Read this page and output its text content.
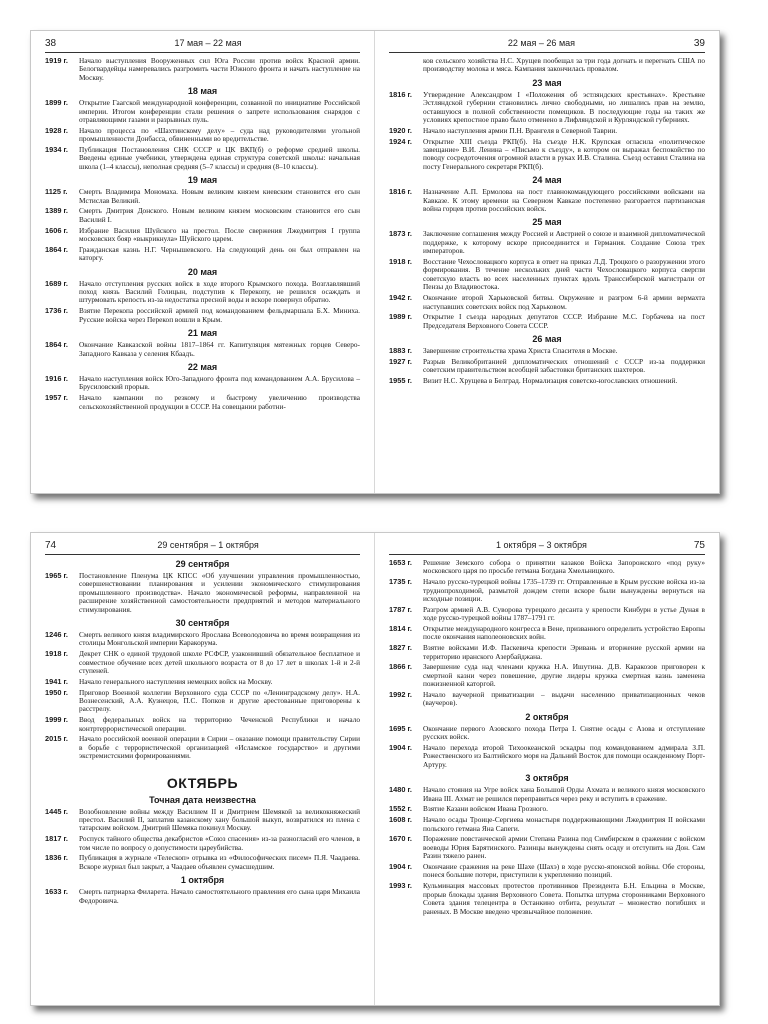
38	17 мая – 22 мая
1919 г.	Начало выступления Вооруженных сил Юга России против войск Красной армии. Белогвардейцы намеревались разгромить части Южного фронта и начать наступление на Москву.
18 мая
1899 г.	Открытие Гаагской международной конференции, созванной по инициативе Российской империи. Итогом конференции стали решения о запрете использования снарядов с отравляющими газами и разрывных пуль.
1928 г.	Начало процесса по «Шахтинскому делу» – суда над руководителями угольной промышленности Донбасса, обвиненными во вредительстве.
1934 г.	Публикация Постановления СНК СССР и ЦК ВКП(б) о реформе средней школы. Введены единые учебники, утверждена единая структура советской школы: начальная школа (1–4 классы), неполная средняя (5–7 классы) и средняя (8–10 классы).
19 мая
1125 г.	Смерть Владимира Мономаха. Новым великим князем киевским становится его сын Мстислав Великий.
1389 г.	Смерть Дмитрия Донского. Новым великим князем московским становится его сын Василий I.
1606 г.	Избрание Василия Шуйского на престол. После свержения Лжедмитрия I группа московских бояр «выкрикнула» Шуйского царем.
1864 г.	Гражданская казнь Н.Г. Чернышевского. На следующий день он был отправлен на каторгу.
20 мая
1689 г.	Начало отступления русских войск в ходе второго Крымского похода. Возглавлявший поход князь Василий Голицын, подступив к Перекопу, не решился осаждать и штурмовать крепость из-за недостатка пресной воды и вскоре повернул обратно.
1736 г.	Взятие Перекопа российской армией под командованием фельдмаршала Б.Х. Миниха. Русские войска через Перекоп вошли в Крым.
21 мая
1864 г.	Окончание Кавказской войны 1817–1864 гг. Капитуляция мятежных горцев Северо-Западного Кавказа у селения Кбаадъ.
22 мая
1916 г.	Начало наступления войск Юго-Западного фронта под командованием А.А. Брусилова – Брусиловский прорыв.
1957 г.	Начало кампании по резкому и быстрому увеличению производства сельскохозяйственной продукции в СССР. На совещании работни-
22 мая – 26 мая	39
ков сельского хозяйства Н.С. Хрущев пообещал за три года догнать и перегнать США по производству молока и мяса. Кампания закончилась провалом.
23 мая
1816 г.	Утверждение Александром I «Положения об эстляндских крестьянах». Крестьяне Эстляндской губернии становились лично свободными, но лишались прав на землю, оставшуюся в полной собственности помещиков. В последующие годы на таких же условиях крепостное право было отменено в Лифляндской и Курляндской губерниях.
1920 г.	Начало наступления армии П.Н. Врангеля в Северной Таврии.
1924 г.	Открытие XIII съезда РКП(б). На съезде Н.К. Крупская огласила «политическое завещание» В.И. Ленина – «Письмо к съезду», в котором он выражал беспокойство по поводу сосредоточения огромной власти в руках И.В. Сталина. Съезд оставил Сталина на посту Генерального секретаря РКП(б).
24 мая
1816 г.	Назначение А.П. Ермолова на пост главнокомандующего российскими войсками на Кавказе. К этому времени на Северном Кавказе постепенно разгорается партизанская война горцев против российских войск.
25 мая
1873 г.	Заключение соглашения между Россией и Австрией о союзе и взаимной дипломатической поддержке, к которому вскоре присоединится и Германия. Создание Союза трех императоров.
1918 г.	Восстание Чехословацкого корпуса в ответ на приказ Л.Д. Троцкого о разоружении этого формирования. В течение нескольких дней части Чехословацкого корпуса свергли советскую власть во всех населенных пунктах вдоль Транссибирской магистрали от Пензы до Владивостока.
1942 г.	Окончание второй Харьковской битвы. Окружение и разгром 6-й армии вермахта наступавших советских войск под Харьковом.
1989 г.	Открытие I съезда народных депутатов СССР. Избрание М.С. Горбачева на пост Председателя Верховного Совета СССР.
26 мая
1883 г.	Завершение строительства храма Христа Спасителя в Москве.
1927 г.	Разрыв Великобританией дипломатических отношений с СССР из-за поддержки советским правительством всеобщей забастовки британских шахтеров.
1955 г.	Визит Н.С. Хрущева в Белград. Нормализация советско-югославских отношений.
74	29 сентября – 1 октября
29 сентября
1965 г.	Постановление Пленума ЦК КПСС «Об улучшении управления промышленностью, совершенствовании планирования и усилении экономического стимулирования промышленного производства». Начало экономической реформы, направленной на расширение хозяйственной самостоятельности предприятий и методов материального стимулирования.
30 сентября
1246 г.	Смерть великого князя владимирского Ярослава Всеволодовича во время возвращения из столицы Монгольской империи Каракорума.
1918 г.	Декрет СНК о единой трудовой школе РСФСР, узаконивший обязательное бесплатное и совместное обучение всех детей школьного возраста от 8 до 17 лет в школах 1-й и 2-й ступеней.
1941 г.	Начало генерального наступления немецких войск на Москву.
1950 г.	Приговор Военной коллегии Верховного суда СССР по «Ленинградскому делу». Н.А. Вознесенский, А.А. Кузнецов, П.С. Попков и другие арестованные приговорены к расстрелу.
1999 г.	Ввод федеральных войск на территорию Чеченской Республики и начало контртеррористической операции.
2015 г.	Начало российской военной операции в Сирии – оказание помощи правительству Сирии в борьбе с террористической организацией «Исламское государство» и другими экстремистскими формированиями.
ОКТЯБРЬ
Точная дата неизвестна
1445 г.	Возобновление войны между Василием II и Дмитрием Шемякой за великокняжеский престол. Василий II, заплатив казанскому хану большой выкуп, возвратился из плена с татарским войском. Дмитрий Шемяка покинул Москву.
1817 г.	Роспуск тайного общества декабристов «Союз спасения» из-за разногласий его членов, в том числе по вопросу о допустимости цареубийства.
1836 г.	Публикация в журнале «Телескоп» отрывка из «Философических писем» П.Я. Чаадаева. Вскоре журнал был закрыт, а Чаадаев объявлен сумасшедшим.
1 октября
1633 г.	Смерть патриарха Филарета. Начало самостоятельного правления его сына царя Михаила Федоровича.
1 октября – 3 октября	75
1653 г.	Решение Земского собора о принятии казаков Войска Запорожского «под руку» московского царя по просьбе гетмана Богдана Хмельницкого.
1735 г.	Начало русско-турецкой войны 1735–1739 гг. Отправленные в Крым русские войска из-за труднопроходимой, размытой дождем степи вскоре были вынуждены вернуться на исходные позиции.
1787 г.	Разгром армией А.В. Суворова турецкого десанта у крепости Кинбурн в устье Дуная в ходе русско-турецкой войны 1787–1791 гг.
1814 г.	Открытие международного конгресса в Вене, призванного определить устройство Европы после окончания наполеоновских войн.
1827 г.	Взятие войсками И.Ф. Паскевича крепости Эривань и вторжение русской армии на территорию иранского Азербайджана.
1866 г.	Завершение суда над членами кружка Н.А. Ишутина. Д.В. Каракозов приговорен к смертной казни через повешение, другие лидеры кружка смертная казнь заменена пожизненной каторгой.
1992 г.	Начало ваучерной приватизации – выдачи населению приватизационных чеков (ваучеров).
2 октября
1695 г.	Окончание первого Азовского похода Петра I. Снятие осады с Азова и отступление русских войск.
1904 г.	Начало перехода второй Тихоокеанской эскадры под командованием адмирала З.П. Рожественского из Балтийского моря на Дальний Восток для помощи осажденному Порт-Артуру.
3 октября
1480 г.	Начало стояния на Угре войск хана Большой Орды Ахмата и великого князя московского Ивана III. Ахмат не решился переправиться через реку и вступить в сражение.
1552 г.	Взятие Казани войском Ивана Грозного.
1608 г.	Начало осады Троице-Сергиева монастыря поддерживающими Лжедмитрия II войсками польского гетмана Яна Сапеги.
1670 г.	Поражение повстанческой армии Степана Разина под Симбирском в сражении с войском воеводы Юрия Барятинского. Разинцы вынуждены снять осаду и отступить на Дон. Сам Разин тяжело ранен.
1904 г.	Окончание сражения на реке Шахе (Шахэ) в ходе русско-японской войны. Обе стороны, понеся большие потери, приступили к укреплению позиций.
1993 г.	Кульминация массовых протестов противников Президента Б.Н. Ельцина в Москве, прорыв блокады здания Верховного Совета. Попытка штурма сторонниками Верховного Совета здания телецентра в Останкино отбита, результат – множество погибших и раненых. В Москве введено чрезвычайное положение.
